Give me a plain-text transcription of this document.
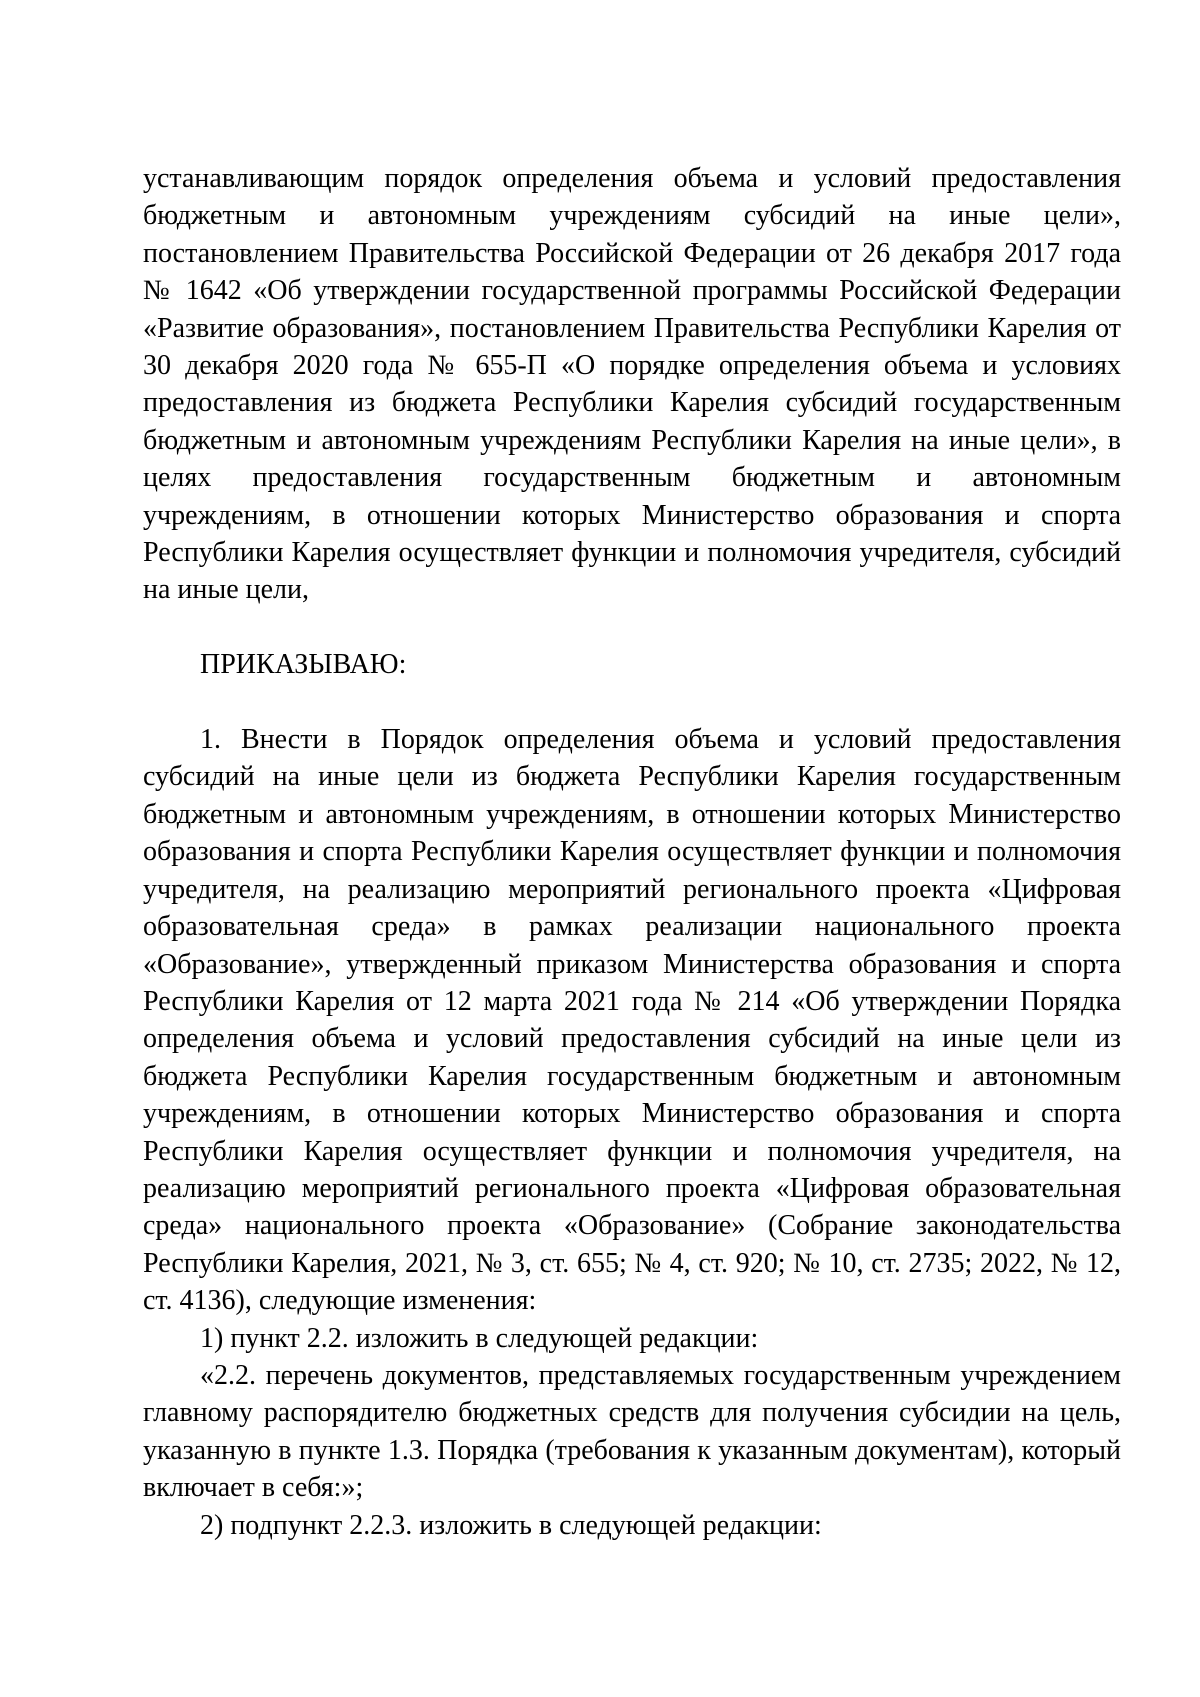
устанавливающим порядок определения объема и условий предоставления бюджетным и автономным учреждениям субсидий на иные цели», постановлением Правительства Российской Федерации от 26 декабря 2017 года № 1642 «Об утверждении государственной программы Российской Федерации «Развитие образования», постановлением Правительства Республики Карелия от 30 декабря 2020 года № 655-П «О порядке определения объема и условиях предоставления из бюджета Республики Карелия субсидий государственным бюджетным и автономным учреждениям Республики Карелия на иные цели», в целях предоставления государственным бюджетным и автономным учреждениям, в отношении которых Министерство образования и спорта Республики Карелия осуществляет функции и полномочия учредителя, субсидий на иные цели,

ПРИКАЗЫВАЮ:

1. Внести в Порядок определения объема и условий предоставления субсидий на иные цели из бюджета Республики Карелия государственным бюджетным и автономным учреждениям, в отношении которых Министерство образования и спорта Республики Карелия осуществляет функции и полномочия учредителя, на реализацию мероприятий регионального проекта «Цифровая образовательная среда» в рамках реализации национального проекта «Образование», утвержденный приказом Министерства образования и спорта Республики Карелия от 12 марта 2021 года № 214 «Об утверждении Порядка определения объема и условий предоставления субсидий на иные цели из бюджета Республики Карелия государственным бюджетным и автономным учреждениям, в отношении которых Министерство образования и спорта Республики Карелия осуществляет функции и полномочия учредителя, на реализацию мероприятий регионального проекта «Цифровая образовательная среда» национального проекта «Образование» (Собрание законодательства Республики Карелия, 2021, № 3, ст. 655; № 4, ст. 920; № 10, ст. 2735; 2022, № 12, ст. 4136), следующие изменения:

1) пункт 2.2. изложить в следующей редакции:

«2.2. перечень документов, представляемых государственным учреждением главному распорядителю бюджетных средств для получения субсидии на цель, указанную в пункте 1.3. Порядка (требования к указанным документам), который включает в себя:»;

2) подпункт 2.2.3. изложить в следующей редакции:
